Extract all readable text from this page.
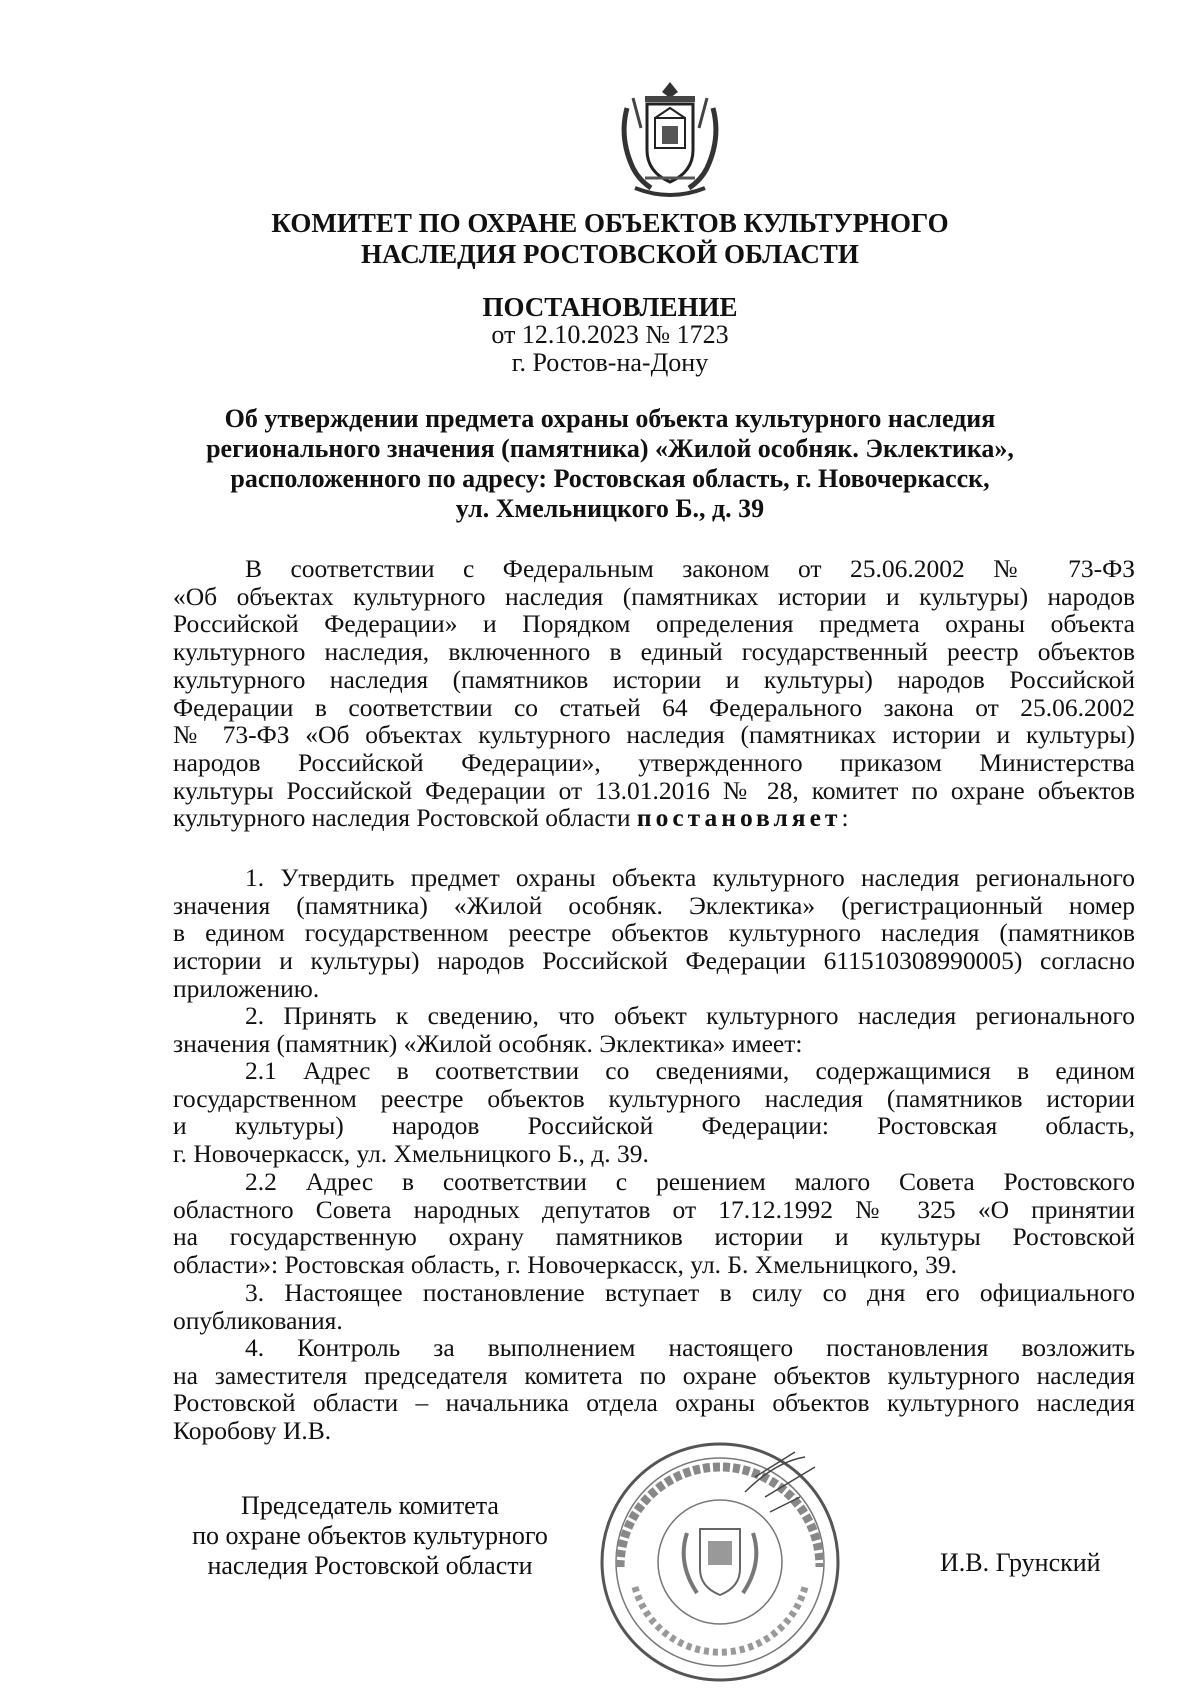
КОМИТЕТ ПО ОХРАНЕ ОБЪЕКТОВ КУЛЬТУРНОГО
НАСЛЕДИЯ РОСТОВСКОЙ ОБЛАСТИ
ПОСТАНОВЛЕНИЕ
от 12.10.2023 № 1723
г. Ростов-на-Дону
Об утверждении предмета охраны объекта культурного наследия
регионального значения (памятника) «Жилой особняк. Эклектика»,
расположенного по адресу: Ростовская область, г. Новочеркасск,
ул. Хмельницкого Б., д. 39
В соответствии с Федеральным законом от 25.06.2002 № 73-ФЗ
«Об объектах культурного наследия (памятниках истории и культуры) народов
Российской Федерации» и Порядком определения предмета охраны объекта
культурного наследия, включенного в единый государственный реестр объектов
культурного наследия (памятников истории и культуры) народов Российской
Федерации в соответствии со статьей 64 Федерального закона от 25.06.2002
№ 73-ФЗ «Об объектах культурного наследия (памятниках истории и культуры)
народов Российской Федерации», утвержденного приказом Министерства
культуры Российской Федерации от 13.01.2016 № 28, комитет по охране объектов
культурного наследия Ростовской области постановляет:
1. Утвердить предмет охраны объекта культурного наследия регионального
значения (памятника) «Жилой особняк. Эклектика» (регистрационный номер
в едином государственном реестре объектов культурного наследия (памятников
истории и культуры) народов Российской Федерации 611510308990005) согласно
приложению.
2. Принять к сведению, что объект культурного наследия регионального
значения (памятник) «Жилой особняк. Эклектика» имеет:
2.1 Адрес в соответствии со сведениями, содержащимися в едином
государственном реестре объектов культурного наследия (памятников истории
и культуры) народов Российской Федерации: Ростовская область,
г. Новочеркасск, ул. Хмельницкого Б., д. 39.
2.2 Адрес в соответствии с решением малого Совета Ростовского
областного Совета народных депутатов от 17.12.1992 № 325 «О принятии
на государственную охрану памятников истории и культуры Ростовской
области»: Ростовская область, г. Новочеркасск, ул. Б. Хмельницкого, 39.
3. Настоящее постановление вступает в силу со дня его официального
опубликования.
4. Контроль за выполнением настоящего постановления возложить
на заместителя председателя комитета по охране объектов культурного наследия
Ростовской области – начальника отдела охраны объектов культурного наследия
Коробову И.В.
Председатель комитета
по охране объектов культурного
наследия Ростовской области	И.В. Грунский
